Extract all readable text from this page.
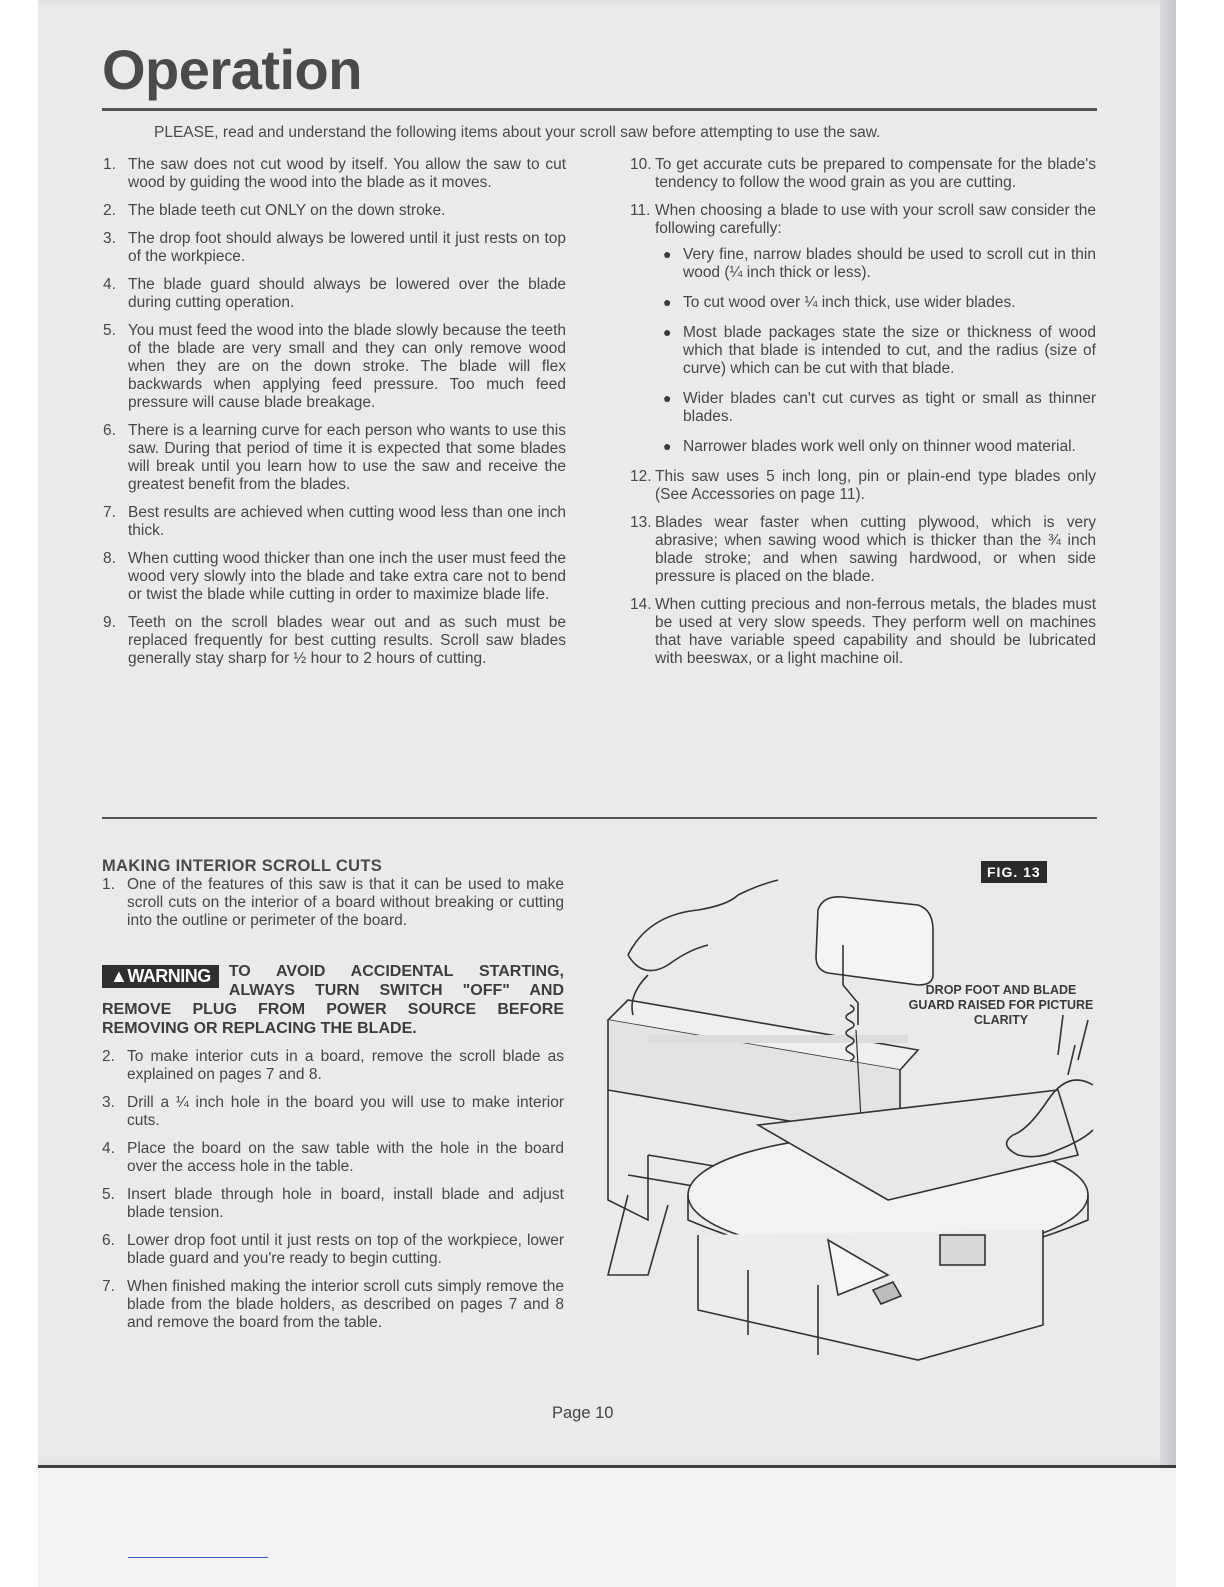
Operation

PLEASE, read and understand the following items about your scroll saw before attempting to use the saw.

1. The saw does not cut wood by itself. You allow the saw to cut wood by guiding the wood into the blade as it moves.
2. The blade teeth cut ONLY on the down stroke.
3. The drop foot should always be lowered until it just rests on top of the workpiece.
4. The blade guard should always be lowered over the blade during cutting operation.
5. You must feed the wood into the blade slowly because the teeth of the blade are very small and they can only remove wood when they are on the down stroke. The blade will flex backwards when applying feed pressure. Too much feed pressure will cause blade breakage.
6. There is a learning curve for each person who wants to use this saw. During that period of time it is expected that some blades will break until you learn how to use the saw and receive the greatest benefit from the blades.
7. Best results are achieved when cutting wood less than one inch thick.
8. When cutting wood thicker than one inch the user must feed the wood very slowly into the blade and take extra care not to bend or twist the blade while cutting in order to maximize blade life.
9. Teeth on the scroll blades wear out and as such must be replaced frequently for best cutting results. Scroll saw blades generally stay sharp for ½ hour to 2 hours of cutting.
10. To get accurate cuts be prepared to compensate for the blade's tendency to follow the wood grain as you are cutting.
11. When choosing a blade to use with your scroll saw consider the following carefully:
● Very fine, narrow blades should be used to scroll cut in thin wood (¼ inch thick or less).
● To cut wood over ¼ inch thick, use wider blades.
● Most blade packages state the size or thickness of wood which that blade is intended to cut, and the radius (size of curve) which can be cut with that blade.
● Wider blades can't cut curves as tight or small as thinner blades.
● Narrower blades work well only on thinner wood material.
12. This saw uses 5 inch long, pin or plain-end type blades only (See Accessories on page 11).
13. Blades wear faster when cutting plywood, which is very abrasive; when sawing wood which is thicker than the ¾ inch blade stroke; and when sawing hardwood, or when side pressure is placed on the blade.
14. When cutting precious and non-ferrous metals, the blades must be used at very slow speeds. They perform well on machines that have variable speed capability and should be lubricated with beeswax, or a light machine oil.
MAKING INTERIOR SCROLL CUTS
1. One of the features of this saw is that it can be used to make scroll cuts on the interior of a board without breaking or cutting into the outline or perimeter of the board.
▲WARNING	TO AVOID ACCIDENTAL STARTING, ALWAYS TURN SWITCH "OFF" AND REMOVE PLUG FROM POWER SOURCE BEFORE REMOVING OR REPLACING THE BLADE.
2. To make interior cuts in a board, remove the scroll blade as explained on pages 7 and 8.
3. Drill a ¼ inch hole in the board you will use to make interior cuts.
4. Place the board on the saw table with the hole in the board over the access hole in the table.
5. Insert blade through hole in board, install blade and adjust blade tension.
6. Lower drop foot until it just rests on top of the workpiece, lower blade guard and you're ready to begin cutting.
7. When finished making the interior scroll cuts simply remove the blade from the blade holders, as described on pages 7 and 8 and remove the board from the table.
FIG. 13

DROP FOOT AND BLADE GUARD RAISED FOR PICTURE CLARITY

Page 10
